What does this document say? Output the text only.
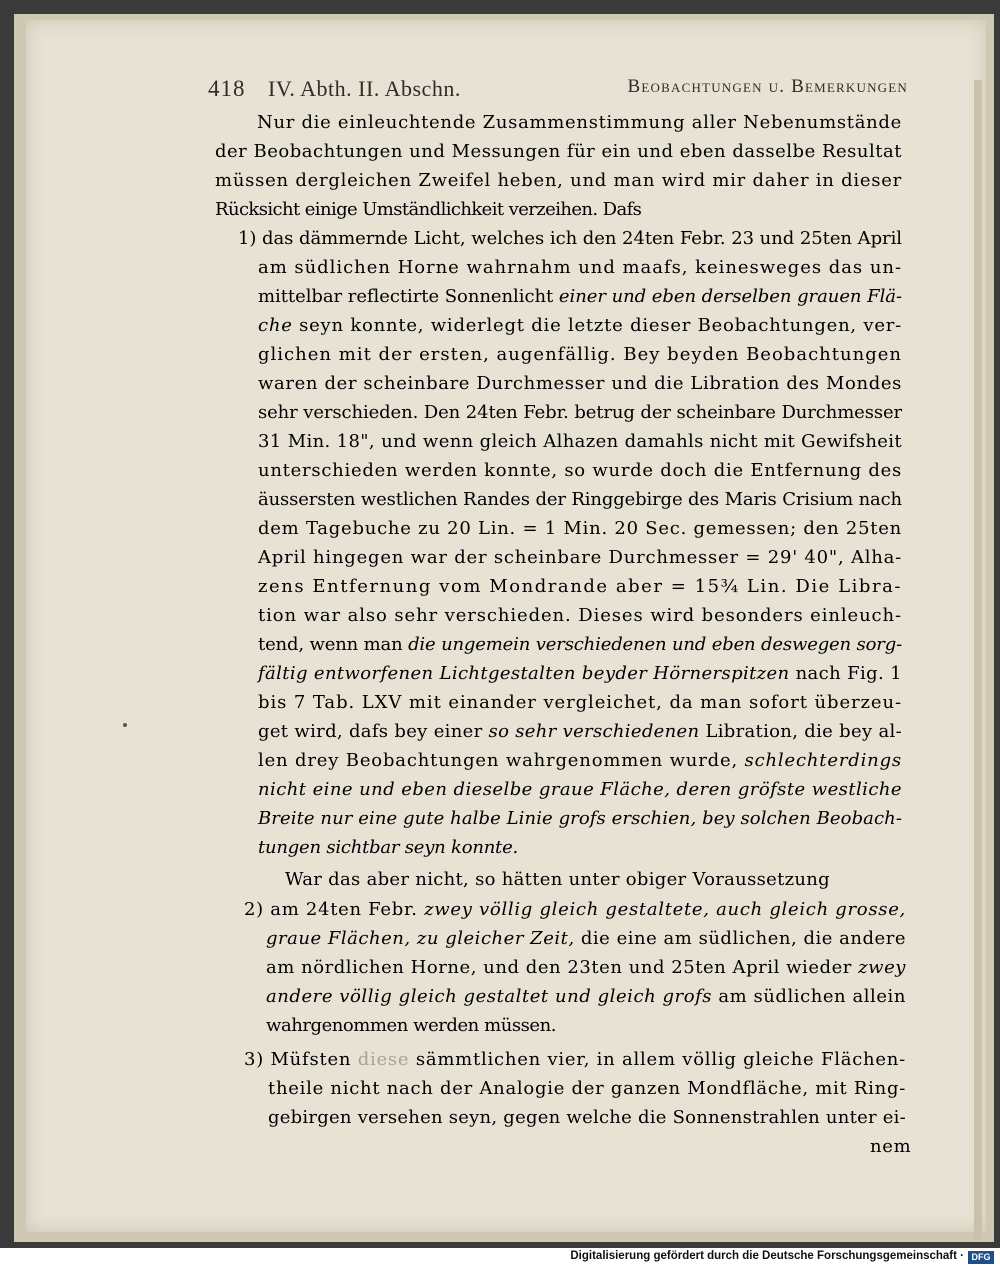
418 IV. Abth. II. Abschn.	Beobachtungen u. Bemerkungen
Nur die einleuchtende Zusammenstimmung aller Nebenumstände
der Beobachtungen und Messungen für ein und eben dasselbe Resultat
müssen dergleichen Zweifel heben, und man wird mir daher in dieser
Rücksicht einige Umständlichkeit verzeihen. Dafs
1) das dämmernde Licht, welches ich den 24ten Febr. 23 und 25ten April
am südlichen Horne wahrnahm und maafs, keinesweges das un-
mittelbar reflectirte Sonnenlicht einer und eben derselben grauen Flä-
che seyn konnte, widerlegt die letzte dieser Beobachtungen, ver-
glichen mit der ersten, augenfällig. Bey beyden Beobachtungen
waren der scheinbare Durchmesser und die Libration des Mondes
sehr verschieden. Den 24ten Febr. betrug der scheinbare Durchmesser
31 Min. 18", und wenn gleich Alhazen damahls nicht mit Gewifsheit
unterschieden werden konnte, so wurde doch die Entfernung des
äussersten westlichen Randes der Ringgebirge des Maris Crisium nach
dem Tagebuche zu 20 Lin. = 1 Min. 20 Sec. gemessen; den 25ten
April hingegen war der scheinbare Durchmesser = 29' 40", Alha-
zens Entfernung vom Mondrande aber = 15¾ Lin. Die Libra-
tion war also sehr verschieden. Dieses wird besonders einleuch-
tend, wenn man die ungemein verschiedenen und eben deswegen sorg-
fältig entworfenen Lichtgestalten beyder Hörnerspitzen nach Fig. 1
bis 7 Tab. LXV mit einander vergleichet, da man sofort überzeu-
get wird, dafs bey einer so sehr verschiedenen Libration, die bey al-
len drey Beobachtungen wahrgenommen wurde, schlechterdings
nicht eine und eben dieselbe graue Fläche, deren gröfste westliche
Breite nur eine gute halbe Linie grofs erschien, bey solchen Beobach-
tungen sichtbar seyn konnte.
War das aber nicht, so hätten unter obiger Voraussetzung
2) am 24ten Febr. zwey völlig gleich gestaltete, auch gleich grosse,
graue Flächen, zu gleicher Zeit, die eine am südlichen, die andere
am nördlichen Horne, und den 23ten und 25ten April wieder zwey
andere völlig gleich gestaltet und gleich grofs am südlichen allein
wahrgenommen werden müssen.
3) Müfsten diese sämmtlichen vier, in allem völlig gleiche Flächen-
theile nicht nach der Analogie der ganzen Mondfläche, mit Ring-
gebirgen versehen seyn, gegen welche die Sonnenstrahlen unter ei-
nem
Digitalisierung gefördert durch die Deutsche Forschungsgemeinschaft · DFG
